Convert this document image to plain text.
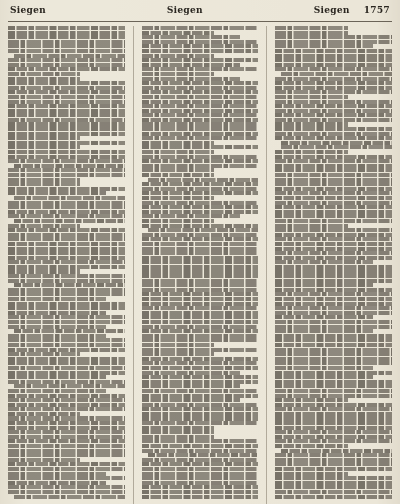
Siegen	Siegen	Siegen 1757
